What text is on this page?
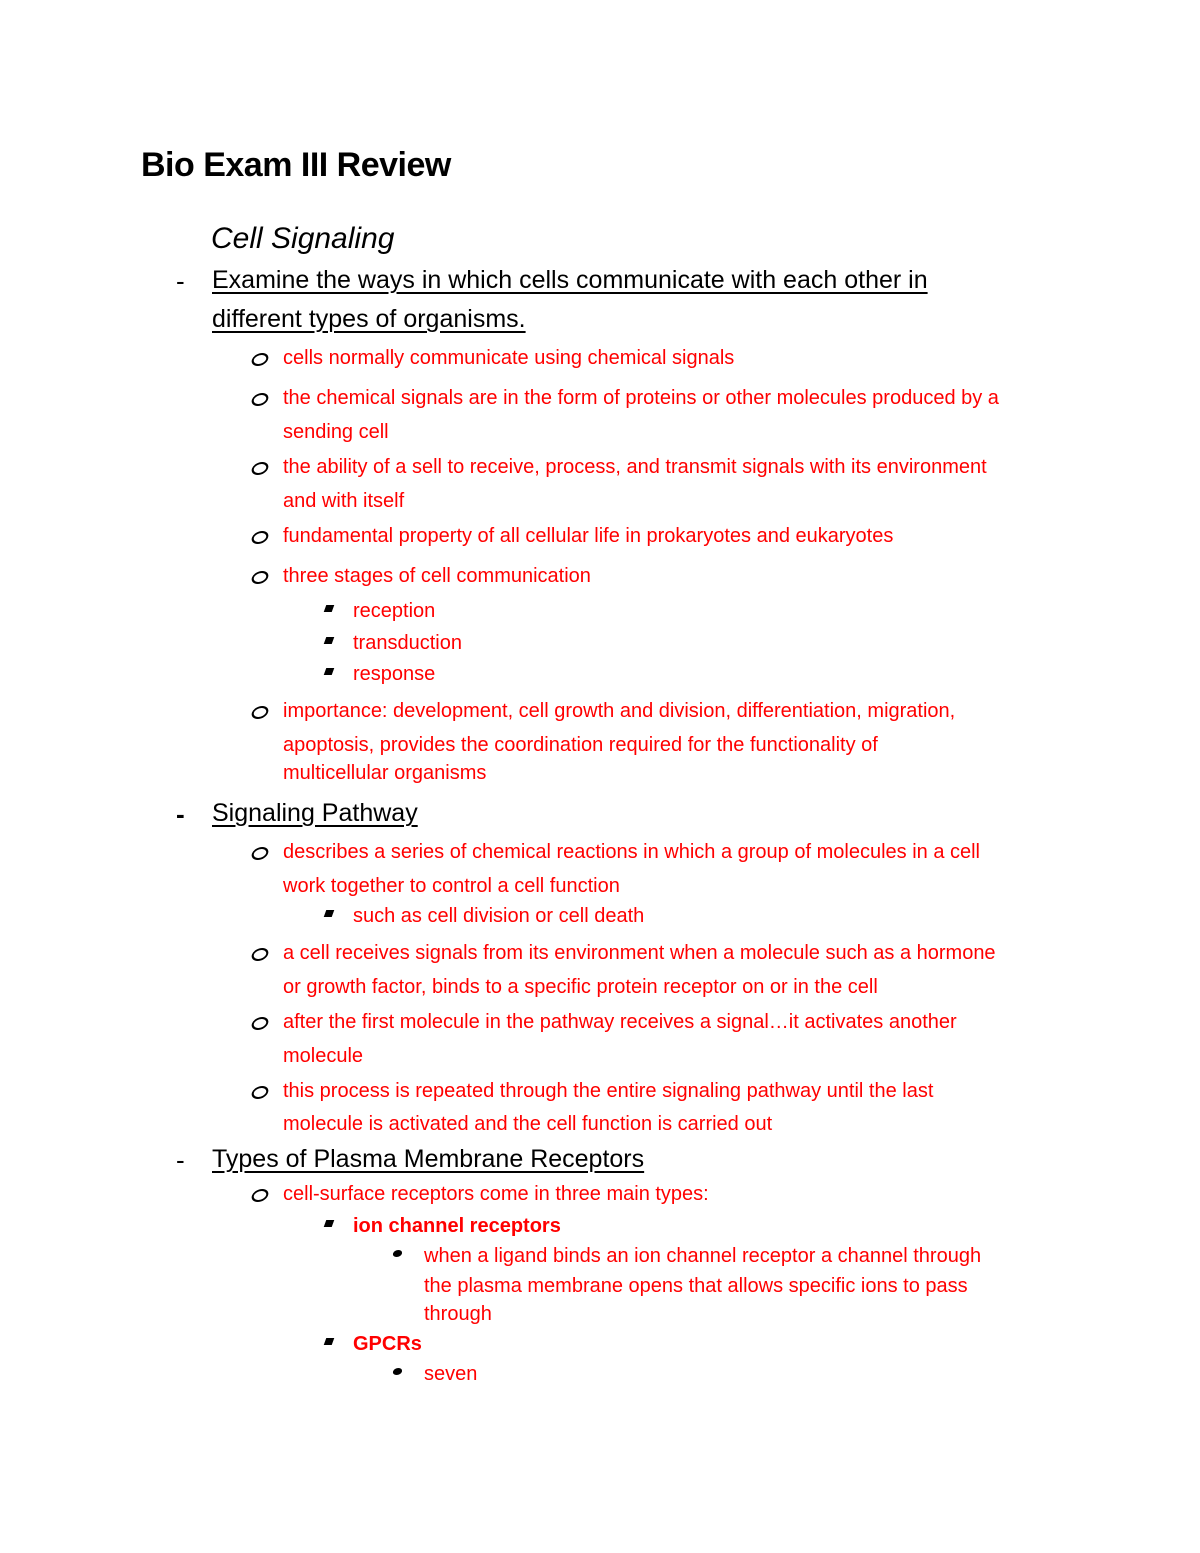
Bio Exam III Review
Cell Signaling
- Examine the ways in which cells communicate with each other in
different types of organisms.
cells normally communicate using chemical signals
the chemical signals are in the form of proteins or other molecules produced by a
sending cell
the ability of a sell to receive, process, and transmit signals with its environment
and with itself
fundamental property of all cellular life in prokaryotes and eukaryotes
three stages of cell communication
reception
transduction
response
importance: development, cell growth and division, differentiation, migration,
apoptosis, provides the coordination required for the functionality of
multicellular organisms
- Signaling Pathway
describes a series of chemical reactions in which a group of molecules in a cell
work together to control a cell function
such as cell division or cell death
a cell receives signals from its environment when a molecule such as a hormone
or growth factor, binds to a specific protein receptor on or in the cell
after the first molecule in the pathway receives a signal…it activates another
molecule
this process is repeated through the entire signaling pathway until the last
molecule is activated and the cell function is carried out
- Types of Plasma Membrane Receptors
cell-surface receptors come in three main types:
ion channel receptors
when a ligand binds an ion channel receptor a channel through
the plasma membrane opens that allows specific ions to pass
through
GPCRs
seven
